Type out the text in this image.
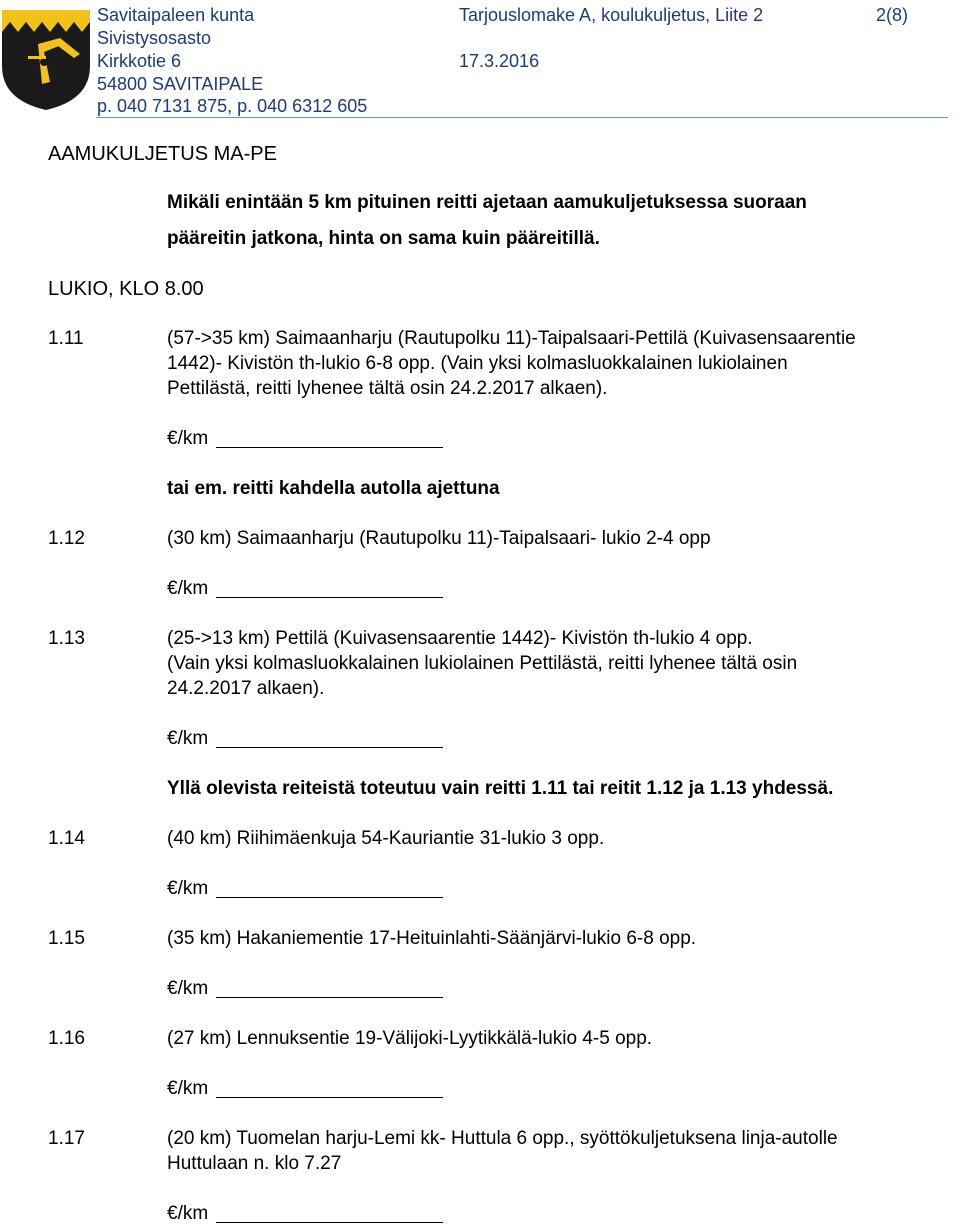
Savitaipaleen kunta
Sivistysosasto
Kirkkotie 6
54800 SAVITAIPALE
p. 040 7131 875, p. 040 6312 605
Tarjouslomake A, koulukuljetus, Liite 2	2(8)
17.3.2016
AAMUKULJETUS MA-PE
Mikäli enintään 5 km pituinen reitti ajetaan aamukuljetuksessa suoraan
pääreitin jatkona, hinta on sama kuin pääreitillä.
LUKIO, KLO 8.00
1.11	(57->35 km) Saimaanharju (Rautupolku 11)-Taipalsaari-Pettilä (Kuivasensaarentie
1442)- Kivistön th-lukio 6-8 opp. (Vain yksi kolmasluokkalainen lukiolainen
Pettilästä, reitti lyhenee tältä osin 24.2.2017 alkaen).
€/km
tai em. reitti kahdella autolla ajettuna
1.12	(30 km) Saimaanharju (Rautupolku 11)-Taipalsaari- lukio 2-4 opp
€/km
1.13	(25->13 km) Pettilä (Kuivasensaarentie 1442)- Kivistön th-lukio 4 opp.
(Vain yksi kolmasluokkalainen lukiolainen Pettilästä, reitti lyhenee tältä osin
24.2.2017 alkaen).
€/km
Yllä olevista reiteistä toteutuu vain reitti 1.11 tai reitit 1.12 ja 1.13 yhdessä.
1.14	(40 km) Riihimäenkuja 54-Kauriantie 31-lukio 3 opp.
€/km
1.15	(35 km) Hakaniementie 17-Heituinlahti-Säänjärvi-lukio 6-8 opp.
€/km
1.16	(27 km) Lennuksentie 19-Välijoki-Lyytikkälä-lukio 4-5 opp.
€/km
1.17	(20 km) Tuomelan harju-Lemi kk- Huttula 6 opp., syöttökuljetuksena linja-autolle
Huttulaan n. klo 7.27
€/km
